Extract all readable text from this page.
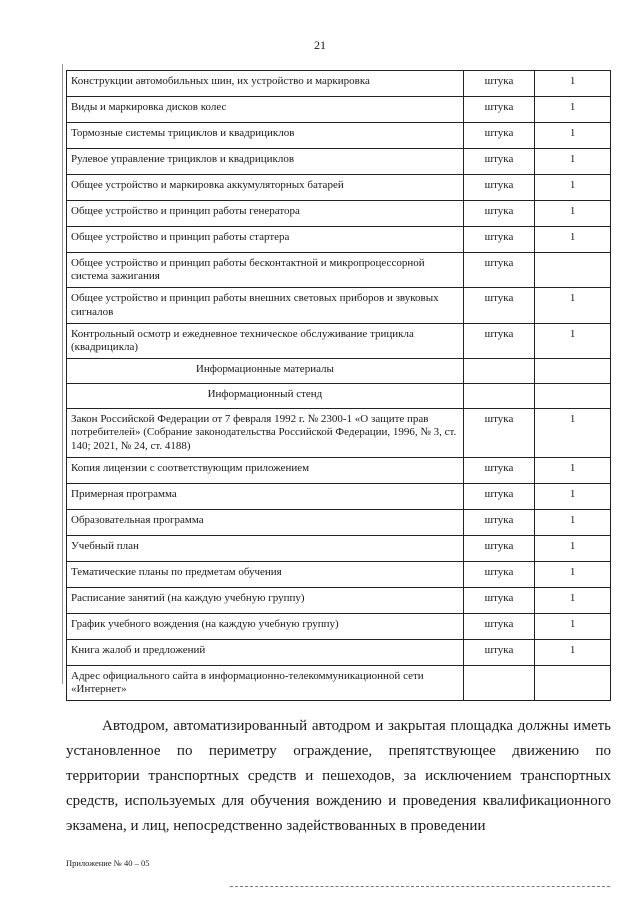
21
Конструкции автомобильных шин, их устройство и маркировка	штука	1
Виды и маркировка дисков колес	штука	1
Тормозные системы трициклов и квадрициклов	штука	1
Рулевое управление трициклов и квадрициклов	штука	1
Общее устройство и маркировка аккумуляторных батарей	штука	1
Общее устройство и принцип работы генератора	штука	1
Общее устройство и принцип работы стартера	штука	1
Общее устройство и принцип работы бесконтактной и микропроцессорной система зажигания	штука	
Общее устройство и принцип работы внешних световых приборов и звуковых сигналов	штука	1
Контрольный осмотр и ежедневное техническое обслуживание трицикла (квадрицикла)	штука	1
Информационные материалы		
Информационный стенд		
Закон Российской Федерации от 7 февраля 1992 г. № 2300-1 «О защите прав потребителей» (Собрание законодательства Российской Федерации, 1996, № 3, ст. 140; 2021, № 24, ст. 4188)	штука	1
Копия лицензии с соответствующим приложением	штука	1
Примерная программа	штука	1
Образовательная программа	штука	1
Учебный план	штука	1
Тематические планы по предметам обучения	штука	1
Расписание занятий (на каждую учебную группу)	штука	1
График учебного вождения (на каждую учебную группу)	штука	1
Книга жалоб и предложений	штука	1
Адрес официального сайта в информационно-телекоммуникационной сети «Интернет»		

Автодром, автоматизированный автодром и закрытая площадка должны иметь установленное по периметру ограждение, препятствующее движению по территории транспортных средств и пешеходов, за исключением транспортных средств, используемых для обучения вождению и проведения квалификационного экзамена, и лиц, непосредственно задействованных в проведении

Приложение № 40 – 05
